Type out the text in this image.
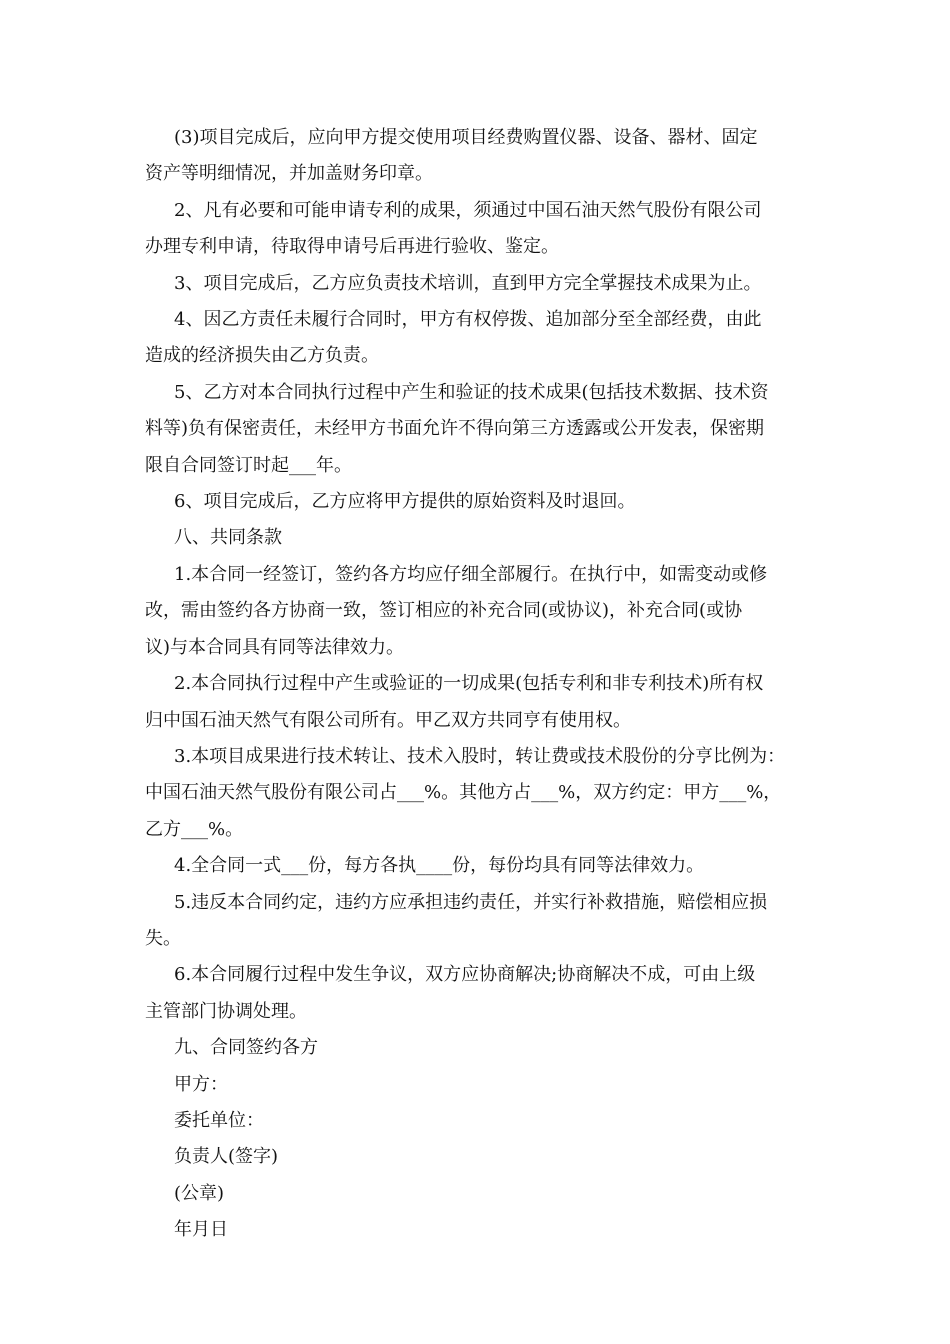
(3)项目完成后，应向甲方提交使用项目经费购置仪器、设备、器材、固定
资产等明细情况，并加盖财务印章。
2、凡有必要和可能申请专利的成果，须通过中国石油天然气股份有限公司
办理专利申请，待取得申请号后再进行验收、鉴定。
3、项目完成后，乙方应负责技术培训，直到甲方完全掌握技术成果为止。
4、因乙方责任未履行合同时，甲方有权停拨、追加部分至全部经费，由此
造成的经济损失由乙方负责。
5、乙方对本合同执行过程中产生和验证的技术成果(包括技术数据、技术资
料等)负有保密责任，未经甲方书面允许不得向第三方透露或公开发表，保密期
限自合同签订时起___年。
6、项目完成后，乙方应将甲方提供的原始资料及时退回。
八、共同条款
1.本合同一经签订，签约各方均应仔细全部履行。在执行中，如需变动或修
改，需由签约各方协商一致，签订相应的补充合同(或协议)，补充合同(或协
议)与本合同具有同等法律效力。
2.本合同执行过程中产生或验证的一切成果(包括专利和非专利技术)所有权
归中国石油天然气有限公司所有。甲乙双方共同亨有使用权。
3.本项目成果进行技术转让、技术入股时，转让费或技术股份的分亨比例为：
中国石油天然气股份有限公司占___%。其他方占___%，双方约定：甲方___%，
乙方___%。
4.全合同一式___份，每方各执____份，每份均具有同等法律效力。
5.违反本合同约定，违约方应承担违约责任，并实行补救措施，赔偿相应损
失。
6.本合同履行过程中发生争议，双方应协商解决;协商解决不成，可由上级
主管部门协调处理。
九、合同签约各方
甲方：
委托单位：
负责人(签字)
(公章)
年月日
